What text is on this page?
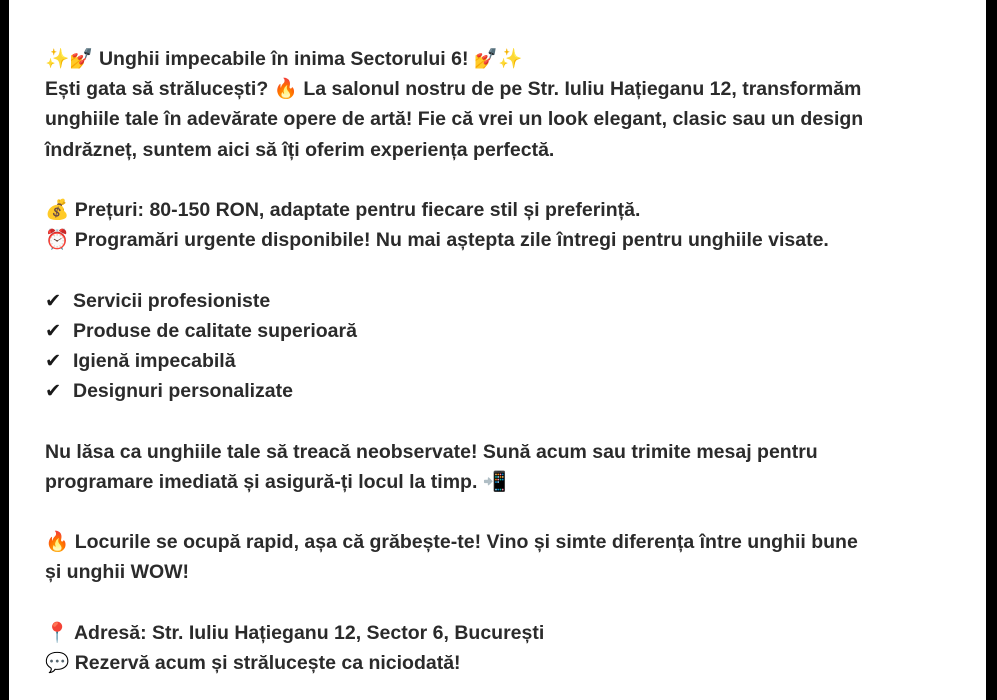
✨💅 Unghii impecabile în inima Sectorului 6! 💅✨
Ești gata să strălucești? 🔥 La salonul nostru de pe Str. Iuliu Hațieganu 12, transformăm
unghiile tale în adevărate opere de artă! Fie că vrei un look elegant, clasic sau un design
îndrăzneț, suntem aici să îți oferim experiența perfectă.
💰 Prețuri: 80-150 RON, adaptate pentru fiecare stil și preferință.
⏰ Programări urgente disponibile! Nu mai aștepta zile întregi pentru unghiile visate.
✔ Servicii profesioniste
✔ Produse de calitate superioară
✔ Igienă impecabilă
✔ Designuri personalizate
Nu lăsa ca unghiile tale să treacă neobservate! Sună acum sau trimite mesaj pentru
programare imediată și asigură-ți locul la timp. 📲
🔥 Locurile se ocupă rapid, așa că grăbește-te! Vino și simte diferența între unghii bune
și unghii WOW!
📍 Adresă: Str. Iuliu Hațieganu 12, Sector 6, București
💬 Rezervă acum și strălucește ca niciodată!
